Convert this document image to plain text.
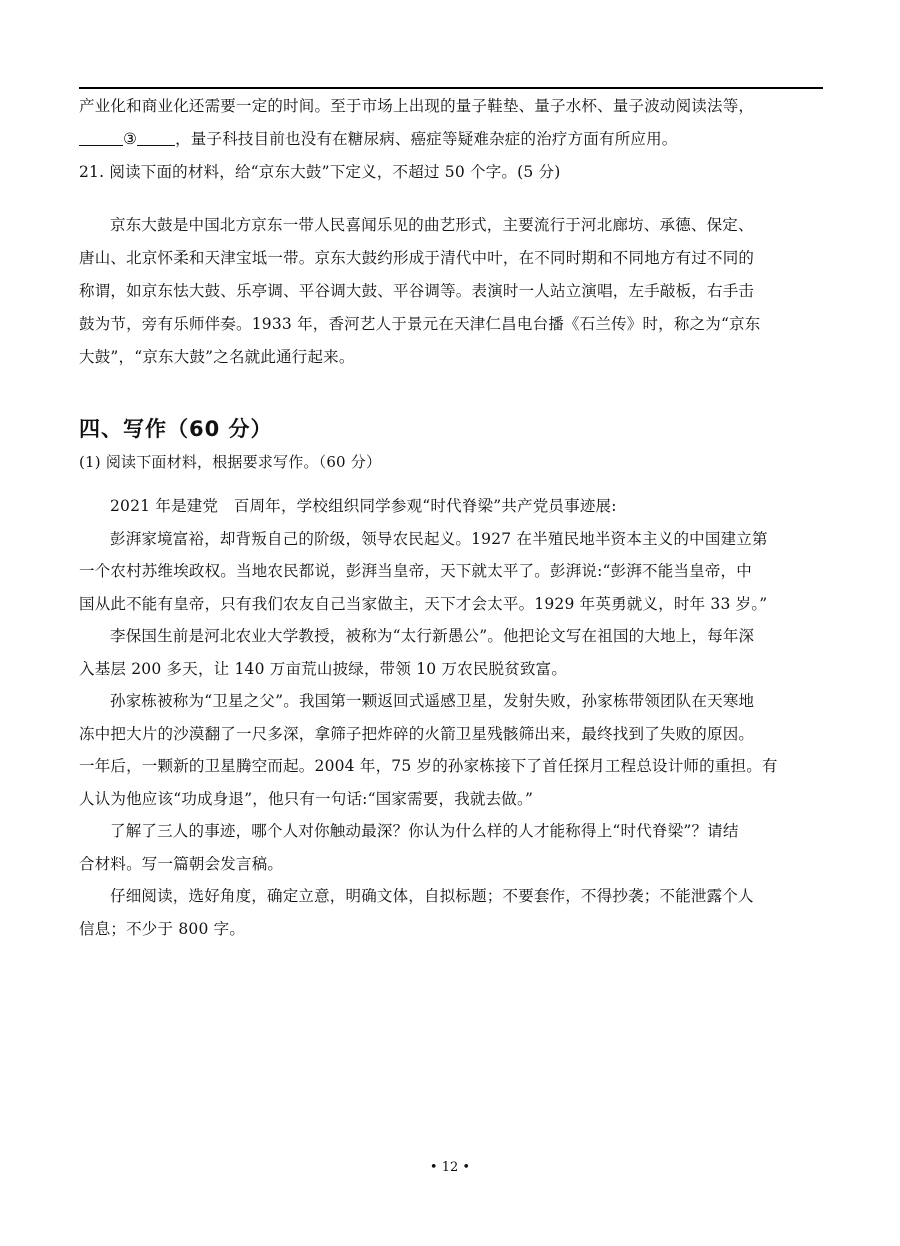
产业化和商业化还需要一定的时间。至于市场上出现的量子鞋垫、量子水杯、量子波动阅读法等，
③ ，量子科技目前也没有在糖尿病、癌症等疑难杂症的治疗方面有所应用。
21. 阅读下面的材料，给“京东大鼓”下定义，不超过 50 个字。(5 分)
京东大鼓是中国北方京东一带人民喜闻乐见的曲艺形式，主要流行于河北廊坊、承德、保定、
唐山、北京怀柔和天津宝坻一带。京东大鼓约形成于清代中叶，在不同时期和不同地方有过不同的
称谓，如京东怯大鼓、乐亭调、平谷调大鼓、平谷调等。表演时一人站立演唱，左手敲板，右手击
鼓为节，旁有乐师伴奏。1933 年，香河艺人于景元在天津仁昌电台播《石兰传》时，称之为“京东
大鼓”，“京东大鼓”之名就此通行起来。
四、写作（60 分）
(1) 阅读下面材料，根据要求写作。（60 分）
2021 年是建党　百周年，学校组织同学参观“时代脊梁”共产党员事迹展:
彭湃家境富裕，却背叛自己的阶级，领导农民起义。1927 在半殖民地半资本主义的中国建立第
一个农村苏维埃政权。当地农民都说，彭湃当皇帝，天下就太平了。彭湃说:“彭湃不能当皇帝，中
国从此不能有皇帝，只有我们农友自己当家做主，天下才会太平。1929 年英勇就义，时年 33 岁。”
李保国生前是河北农业大学教授，被称为“太行新愚公”。他把论文写在祖国的大地上，每年深
入基层 200 多天，让 140 万亩荒山披绿，带领 10 万农民脱贫致富。
孙家栋被称为“卫星之父”。我国第一颗返回式遥感卫星，发射失败，孙家栋带领团队在天寒地
冻中把大片的沙漠翻了一尺多深，拿筛子把炸碎的火箭卫星残骸筛出来，最终找到了失败的原因。
一年后，一颗新的卫星腾空而起。2004 年，75 岁的孙家栋接下了首任探月工程总设计师的重担。有
人认为他应该“功成身退”，他只有一句话:“国家需要，我就去做。”
了解了三人的事迹，哪个人对你触动最深？你认为什么样的人才能称得上“时代脊梁”？请结
合材料。写一篇朝会发言稿。
仔细阅读，选好角度，确定立意，明确文体，自拟标题；不要套作，不得抄袭；不能泄露个人
信息；不少于 800 字。
• 12 •
